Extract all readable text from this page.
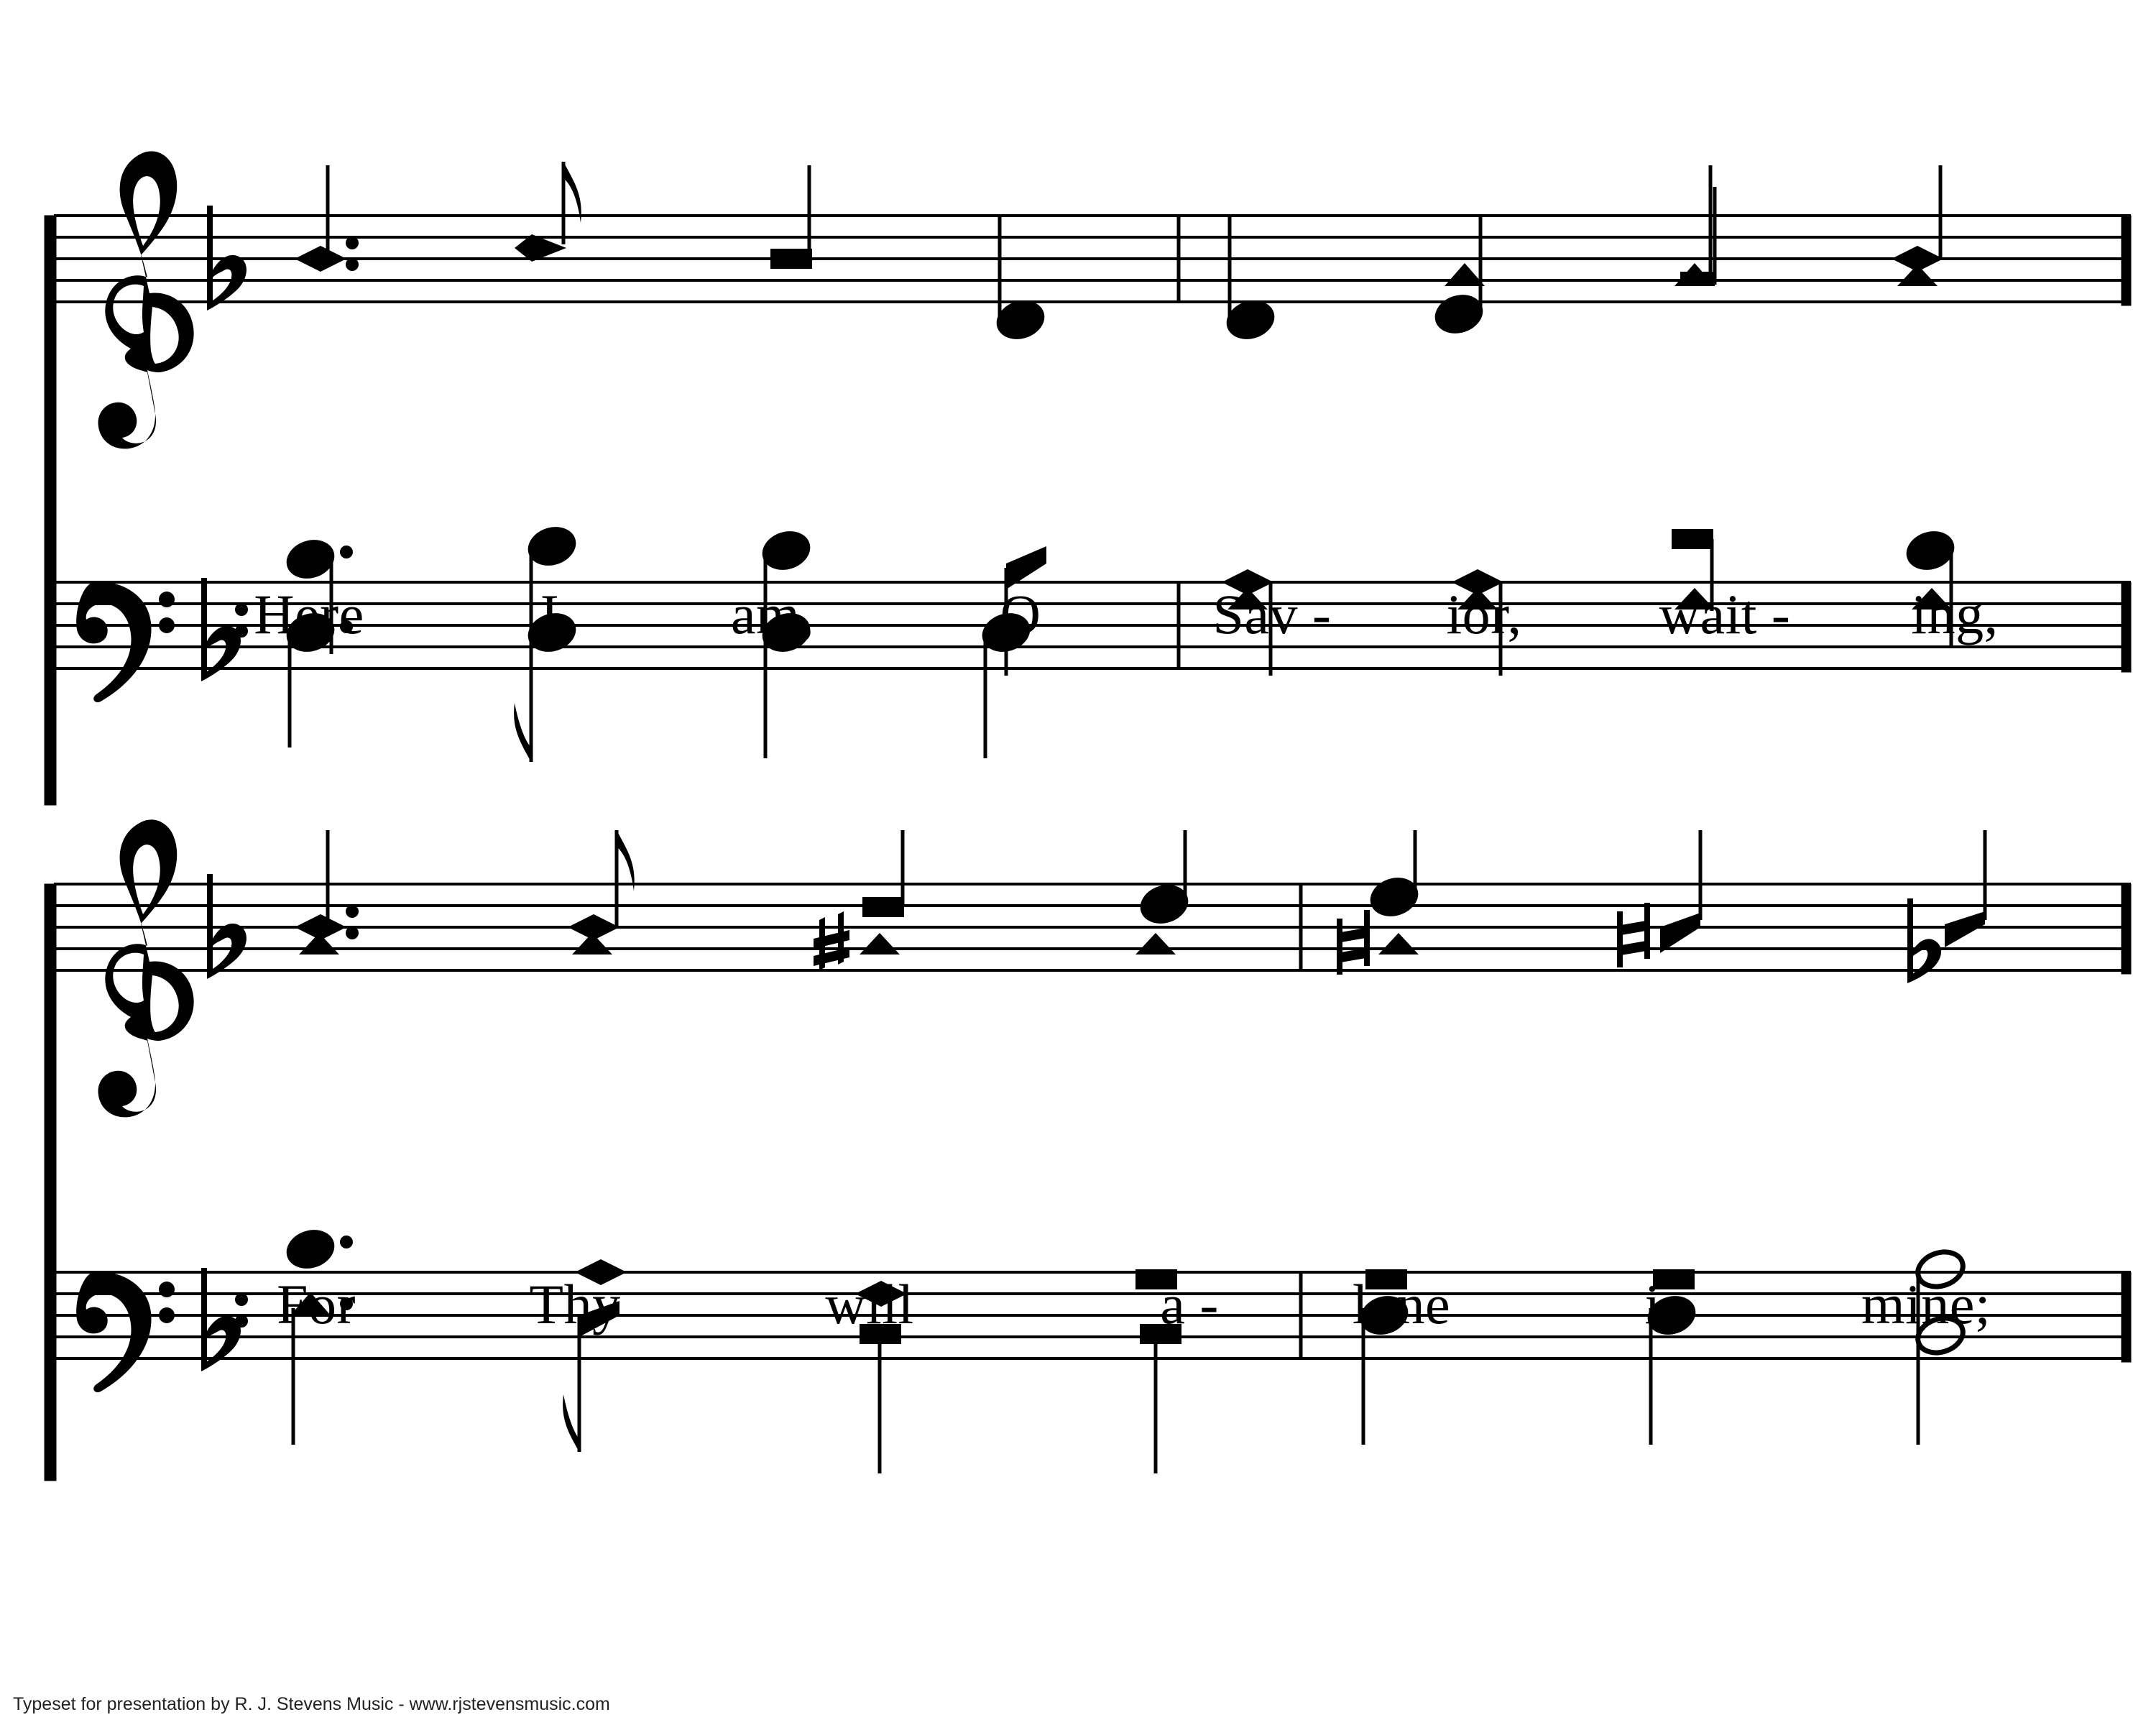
Here	I	am,	O	Sav - ior, wait - ing,
For	Thy	will	a - lone	is	mine;
Typeset for presentation by R. J. Stevens Music - www.rjstevensmusic.com
